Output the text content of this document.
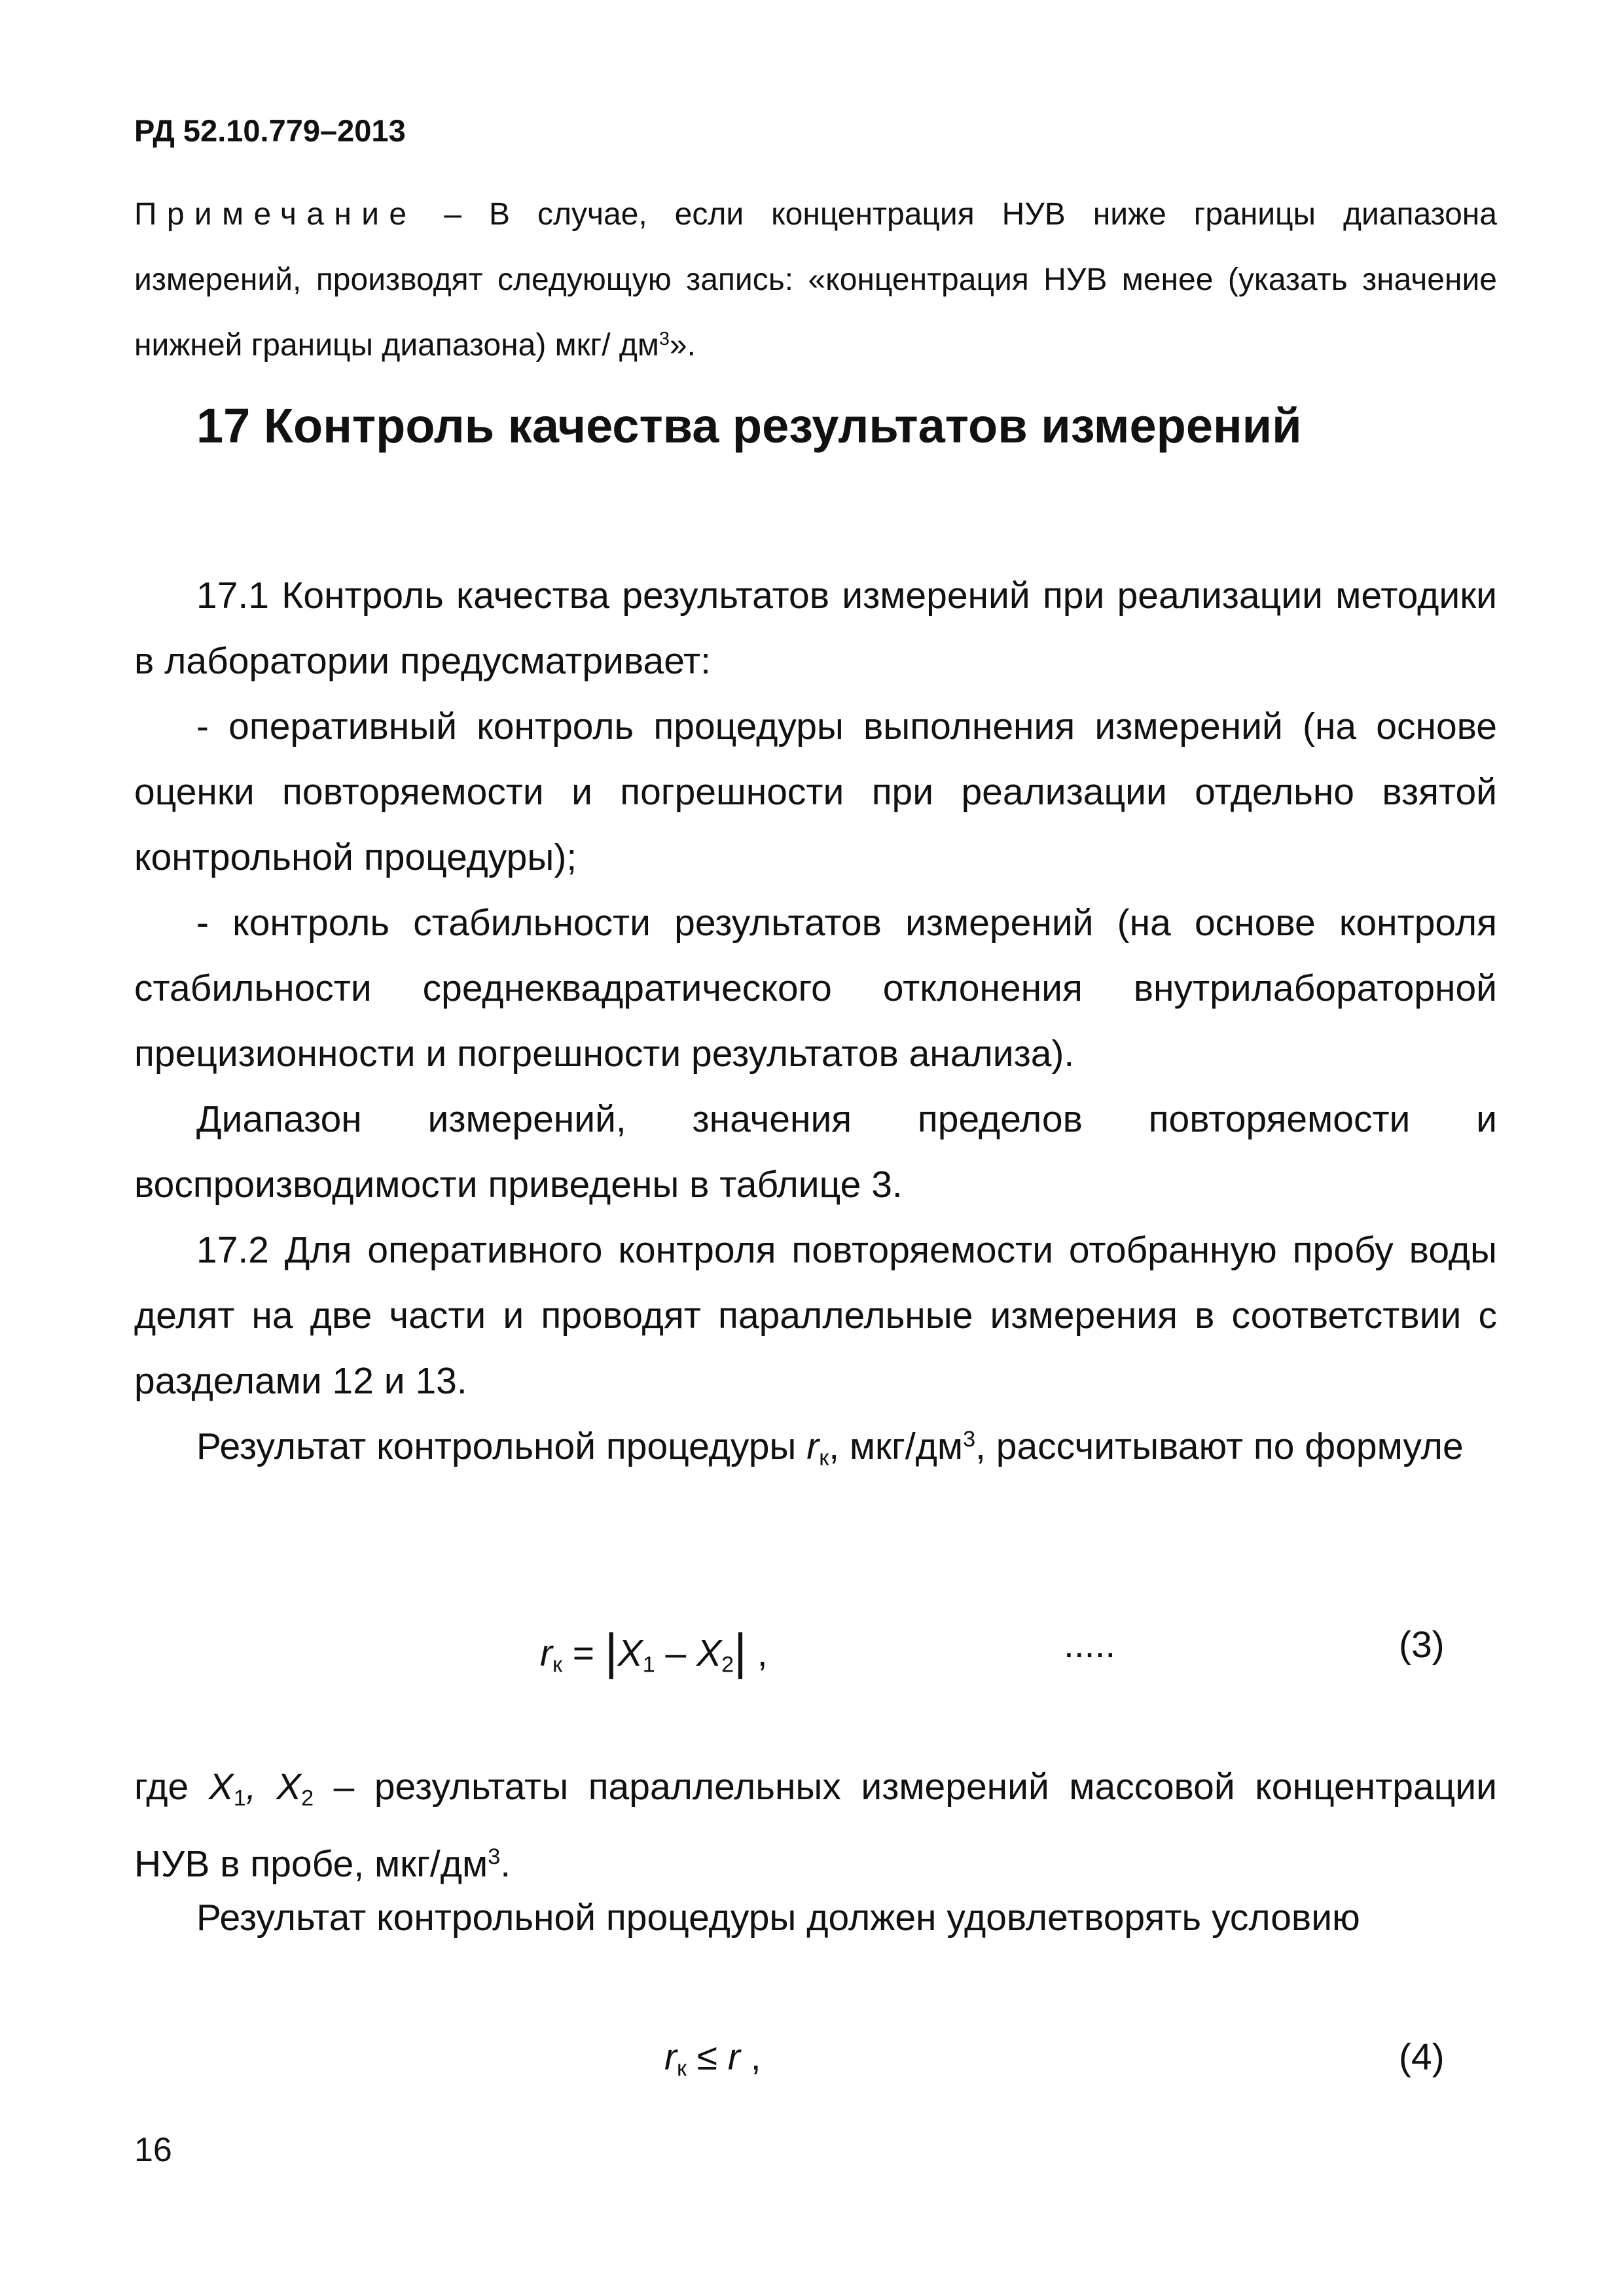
РД 52.10.779–2013
Примечание – В случае, если концентрация НУВ ниже границы диапазона измерений, производят следующую запись: «концентрация НУВ менее (указать значение нижней границы диапазона) мкг/ $дм^3$».
17 Контроль качества результатов измерений

17.1 Контроль качества результатов измерений при реализации методики в лаборатории предусматривает:

- оперативный контроль процедуры выполнения измерений (на основе оценки повторяемости и погрешности при реализации отдельно взятой контрольной процедуры);

- контроль стабильности результатов измерений (на основе контроля стабильности среднеквадратического отклонения внутрилабораторной прецизионности и погрешности результатов анализа).

Диапазон измерений, значения пределов повторяемости и воспроизводимости приведены в таблице 3.

17.2 Для оперативного контроля повторяемости отобранную пробу воды делят на две части и проводят параллельные измерения в соответствии с разделами 12 и 13.

Результат контрольной процедуры $r_к$, мкг/$дм^3$, рассчитывают по формуле

$r_к = |X_1 - X_2|$ ,	.....	(3)

где $X_1$, $X_2$ – результаты параллельных измерений массовой концентрации НУВ в пробе, мкг/$дм^3$.

Результат контрольной процедуры должен удовлетворять условию
$r_к \le r$ ,	(4)
16
